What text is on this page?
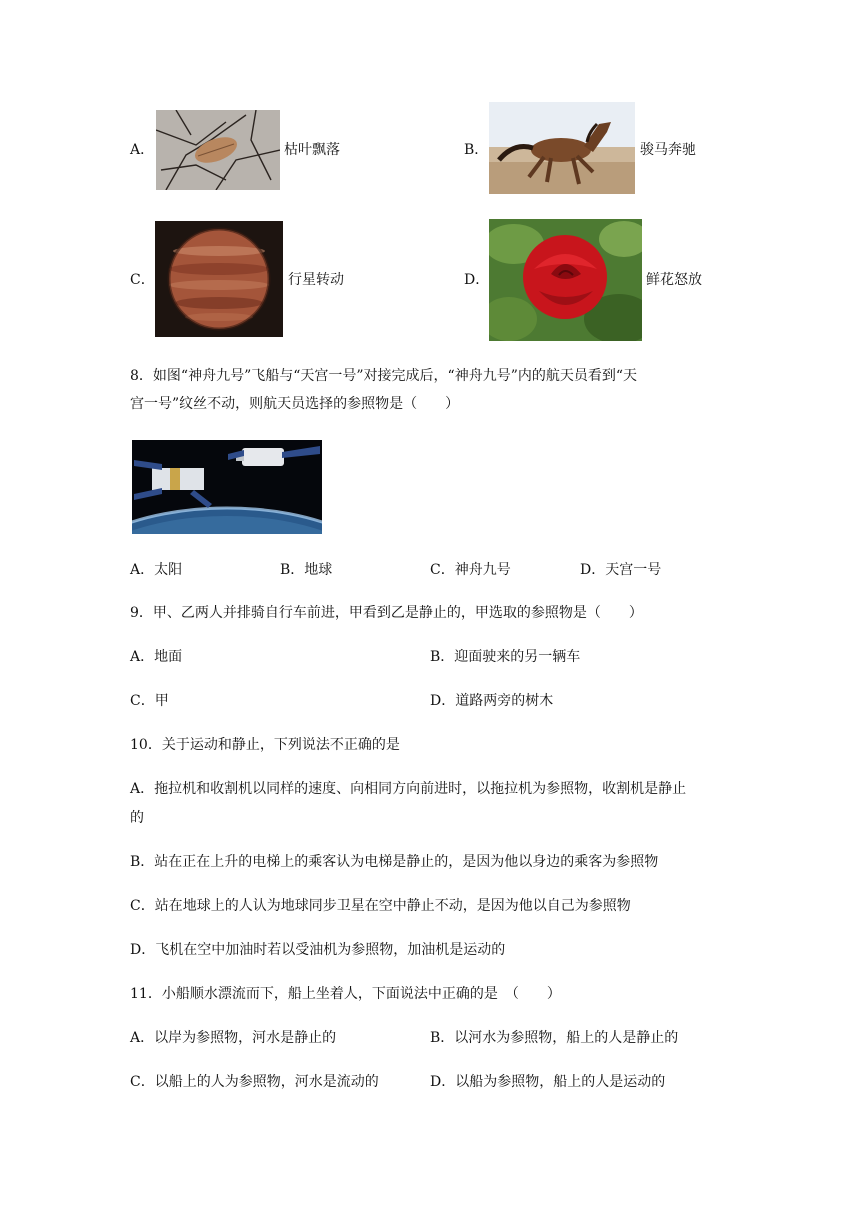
A．	枯叶飘落	B．	骏马奔驰
C．	行星转动	D．	鲜花怒放
8．如图“神舟九号”飞船与“天宫一号”对接完成后，“神舟九号”内的航天员看到“天
宫一号”纹丝不动，则航天员选择的参照物是（　　）
A．太阳	B．地球	C．神舟九号	D．天宫一号
9．甲、乙两人并排骑自行车前进，甲看到乙是静止的，甲选取的参照物是（　　）
A．地面	B．迎面驶来的另一辆车
C．甲	D．道路两旁的树木
10．关于运动和静止，下列说法不正确的是
A．拖拉机和收割机以同样的速度、向相同方向前进时，以拖拉机为参照物，收割机是静止
的
B．站在正在上升的电梯上的乘客认为电梯是静止的，是因为他以身边的乘客为参照物
C．站在地球上的人认为地球同步卫星在空中静止不动，是因为他以自己为参照物
D．飞机在空中加油时若以受油机为参照物，加油机是运动的
11．小船顺水漂流而下，船上坐着人，下面说法中正确的是　（　　）
A．以岸为参照物，河水是静止的	B．以河水为参照物，船上的人是静止的
C．以船上的人为参照物，河水是流动的	D．以船为参照物，船上的人是运动的
